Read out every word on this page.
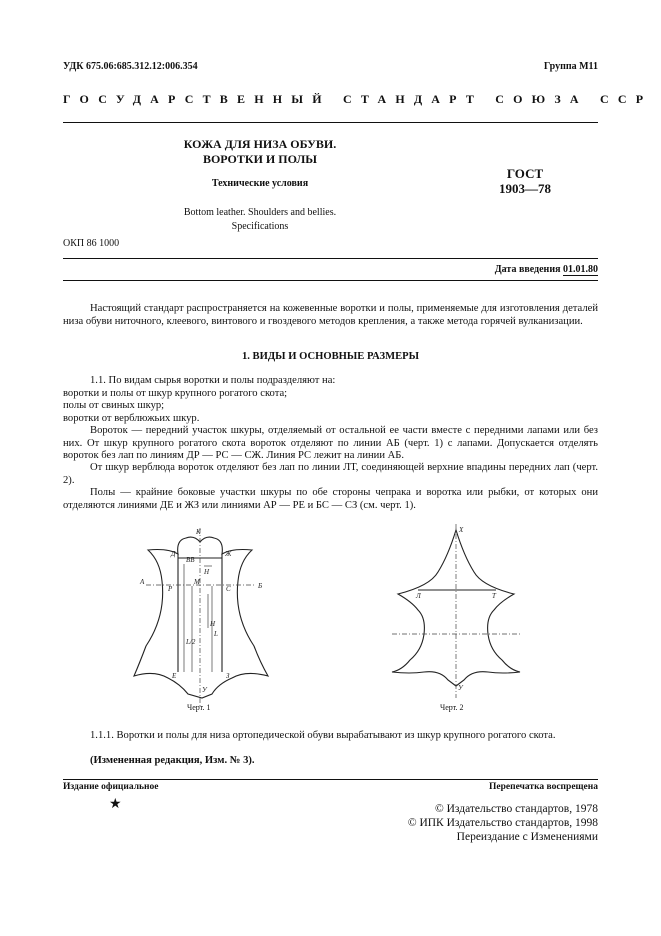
УДК 675.06:685.312.12:006.354	Группа М11
ГОСУДАРСТВЕННЫЙ СТАНДАРТ СОЮЗА ССР
КОЖА ДЛЯ НИЗА ОБУВИ.
ВОРОТКИ И ПОЛЫ
Технические условия
Bottom leather. Shoulders and bellies.
Specifications
ГОСТ
1903—78
ОКП 86 1000
Дата введения 01.01.80
Настоящий стандарт распространяется на кожевенные воротки и полы, применяемые для изготовления деталей низа обуви ниточного, клеевого, винтового и гвоздевого методов крепления, а также метода горячей вулканизации.
1. ВИДЫ И ОСНОВНЫЕ РАЗМЕРЫ
1.1. По видам сырья воротки и полы подразделяют на:
воротки и полы от шкур крупного рогатого скота;
полы от свиных шкур;
воротки от верблюжьих шкур.
Вороток — передний участок шкуры, отделяемый от остальной ее части вместе с передними лапами или без них. От шкур крупного рогатого скота вороток отделяют по линии АБ (черт. 1) с лапами. Допускается отделять вороток без лап по линиям ДР — РС — СЖ. Линия РС лежит на линии АБ.
От шкур верблюда вороток отделяют без лап по линии ЛТ, соединяющей верхние впадины передних лап (черт. 2).
Полы — крайние боковые участки шкуры по обе стороны чепрака и воротка или рыбки, от которых они отделяются линиями ДЕ и ЖЗ или линиями АР — РЕ и БС — СЗ (см. черт. 1).
К
Д	Ж
А	Б
Р	С
Е	З
У
ВВ
Н
М
Н
L/2
L
Черт. 1
X
Л	Т
У
Черт. 2
1.1.1. Воротки и полы для низа ортопедической обуви вырабатывают из шкур крупного рогатого скота.
(Измененная редакция, Изм. № 3).
Издание официальное	Перепечатка воспрещена
★	© Издательство стандартов, 1978
© ИПК Издательство стандартов, 1998
Переиздание с Изменениями
